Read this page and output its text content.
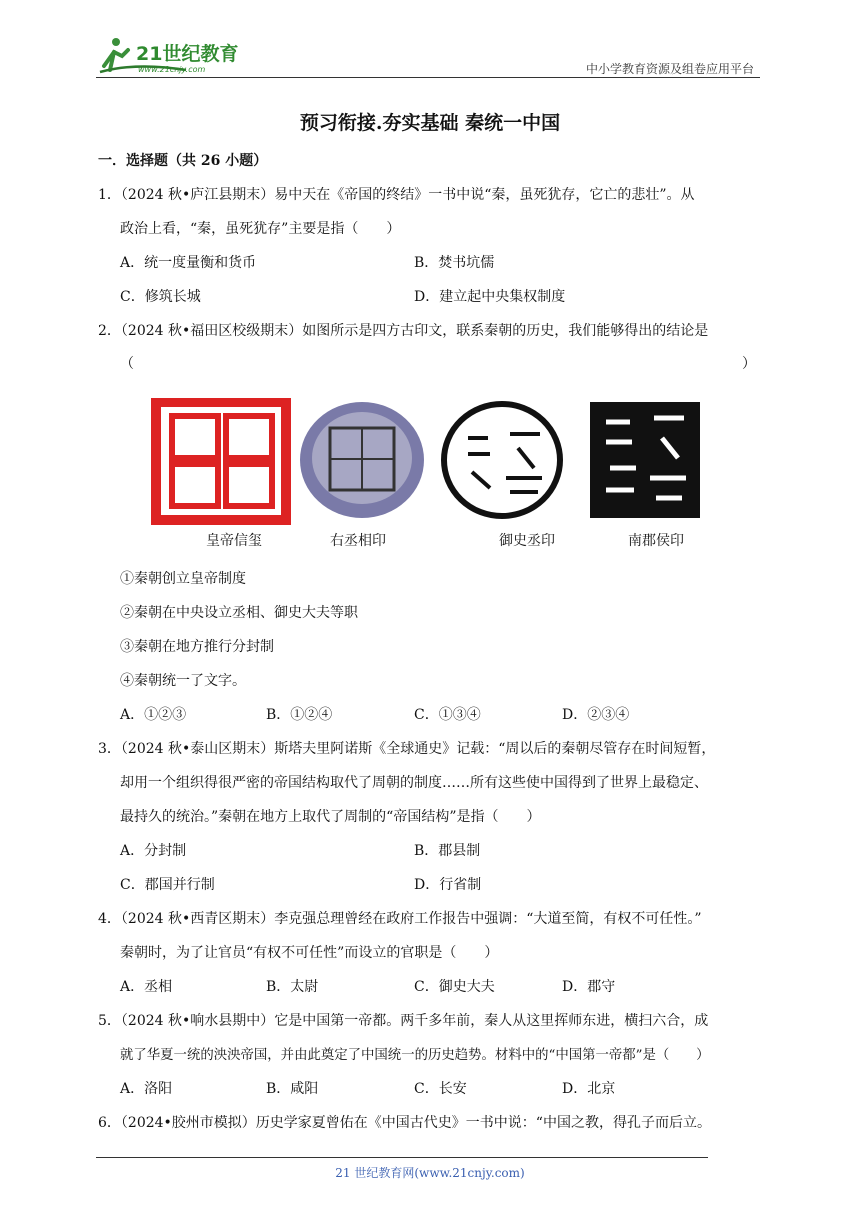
21世纪教育
www.21cnjy.com	中小学教育资源及组卷应用平台
预习衔接.夯实基础 秦统一中国
一．选择题（共 26 小题）
1．（2024 秋•庐江县期末）易中天在《帝国的终结》一书中说“秦，虽死犹存，它亡的悲壮”。从
政治上看，“秦，虽死犹存”主要是指（　　）
A．统一度量衡和货币	B．焚书坑儒
C．修筑长城	D．建立起中央集权制度
2．（2024 秋•福田区校级期末）如图所示是四方古印文，联系秦朝的历史，我们能够得出的结论是
（	）
皇帝信玺	右丞相印	御史丞印	南郡侯印
①秦朝创立皇帝制度
②秦朝在中央设立丞相、御史大夫等职
③秦朝在地方推行分封制
④秦朝统一了文字。
A．①②③	B．①②④	C．①③④	D．②③④
3．（2024 秋•泰山区期末）斯塔夫里阿诺斯《全球通史》记载：“周以后的秦朝尽管存在时间短暂，
却用一个组织得很严密的帝国结构取代了周朝的制度……所有这些使中国得到了世界上最稳定、
最持久的统治。”秦朝在地方上取代了周制的“帝国结构”是指（　　）
A．分封制	B．郡县制
C．郡国并行制	D．行省制
4．（2024 秋•西青区期末）李克强总理曾经在政府工作报告中强调：“大道至简，有权不可任性。”
秦朝时，为了让官员“有权不可任性”而设立的官职是（　　）
A．丞相	B．太尉	C．御史大夫	D．郡守
5．（2024 秋•响水县期中）它是中国第一帝都。两千多年前，秦人从这里挥师东进，横扫六合，成
就了华夏一统的泱泱帝国，并由此奠定了中国统一的历史趋势。材料中的“中国第一帝都”是（　　）
A．洛阳	B．咸阳	C．长安	D．北京
6．（2024•胶州市模拟）历史学家夏曾佑在《中国古代史》一书中说：“中国之教，得孔子而后立。
21 世纪教育网(www.21cnjy.com)
